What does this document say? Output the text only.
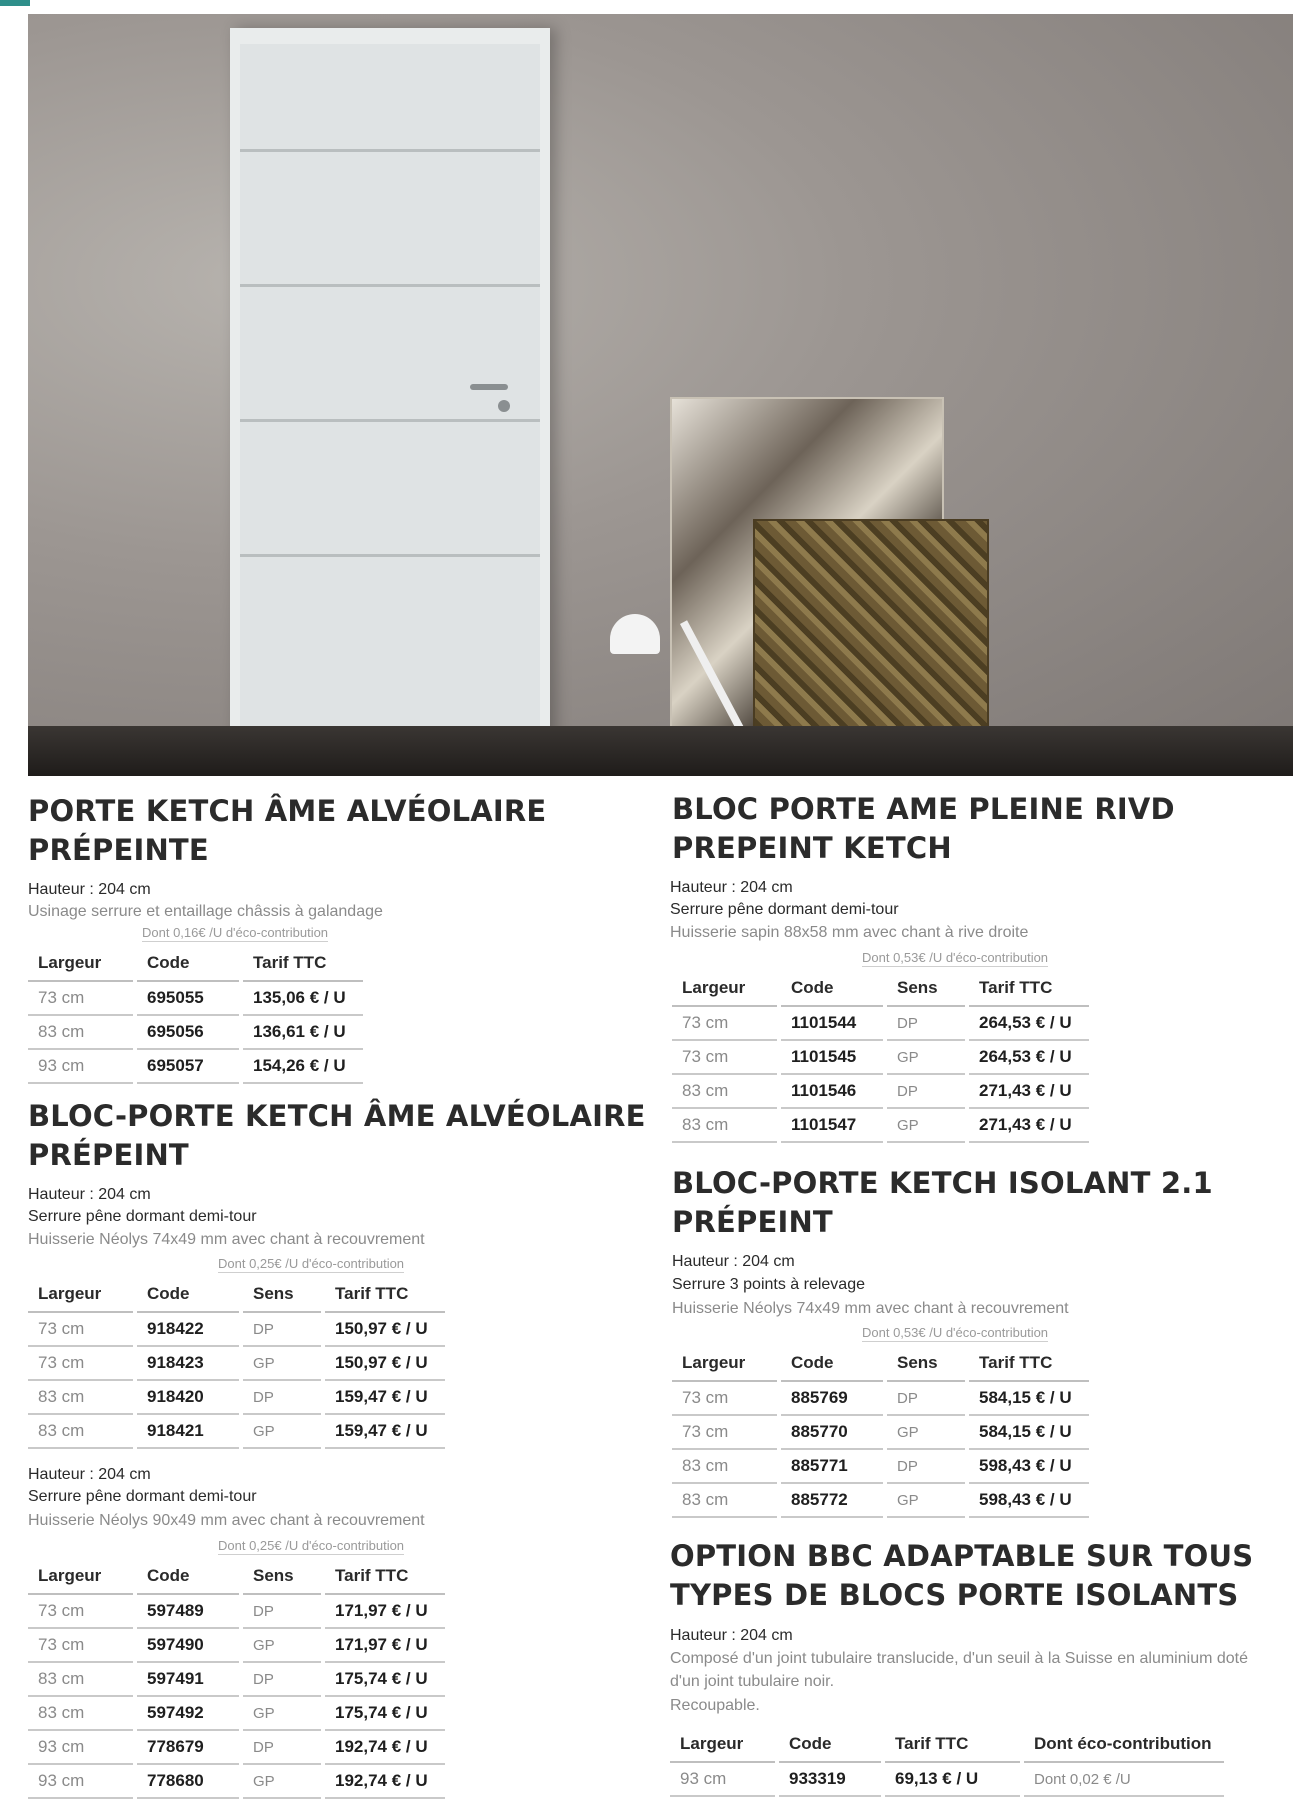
PORTE KETCH ÂME ALVÉOLAIRE
PRÉPEINTE

Hauteur : 204 cm

Usinage serrure et entaillage châssis à galandage

Dont 0,16€ /U d'éco-contribution

Largeur	Code	Tarif TTC
73 cm	695055	135,06 € / U
83 cm	695056	136,61 € / U
93 cm	695057	154,26 € / U
BLOC-PORTE KETCH ÂME ALVÉOLAIRE
PRÉPEINT

Hauteur : 204 cm

Serrure pêne dormant demi-tour

Huisserie Néolys 74x49 mm avec chant à recouvrement

Dont 0,25€ /U d'éco-contribution

Largeur	Code	Sens	Tarif TTC
73 cm	918422	DP	150,97 € / U
73 cm	918423	GP	150,97 € / U
83 cm	918420	DP	159,47 € / U
83 cm	918421	GP	159,47 € / U

Hauteur : 204 cm

Serrure pêne dormant demi-tour

Huisserie Néolys 90x49 mm avec chant à recouvrement

Dont 0,25€ /U d'éco-contribution

Largeur	Code	Sens	Tarif TTC
73 cm	597489	DP	171,97 € / U
73 cm	597490	GP	171,97 € / U
83 cm	597491	DP	175,74 € / U
83 cm	597492	GP	175,74 € / U
93 cm	778679	DP	192,74 € / U
93 cm	778680	GP	192,74 € / U
BLOC PORTE AME PLEINE RIVD
PREPEINT KETCH

Hauteur : 204 cm

Serrure pêne dormant demi-tour

Huisserie sapin 88x58 mm avec chant à rive droite

Dont 0,53€ /U d'éco-contribution

Largeur	Code	Sens	Tarif TTC
73 cm	1101544	DP	264,53 € / U
73 cm	1101545	GP	264,53 € / U
83 cm	1101546	DP	271,43 € / U
83 cm	1101547	GP	271,43 € / U
BLOC-PORTE KETCH ISOLANT 2.1
PRÉPEINT

Hauteur : 204 cm

Serrure 3 points à relevage

Huisserie Néolys 74x49 mm avec chant à recouvrement

Dont 0,53€ /U d'éco-contribution

Largeur	Code	Sens	Tarif TTC
73 cm	885769	DP	584,15 € / U
73 cm	885770	GP	584,15 € / U
83 cm	885771	DP	598,43 € / U
83 cm	885772	GP	598,43 € / U
OPTION BBC ADAPTABLE SUR TOUS
TYPES DE BLOCS PORTE ISOLANTS

Hauteur : 204 cm

Composé d'un joint tubulaire translucide, d'un seuil à la Suisse en aluminium doté

d'un joint tubulaire noir.

Recoupable.

Largeur	Code	Tarif TTC	Dont éco-contribution
93 cm	933319	69,13 € / U	Dont 0,02 € /U
